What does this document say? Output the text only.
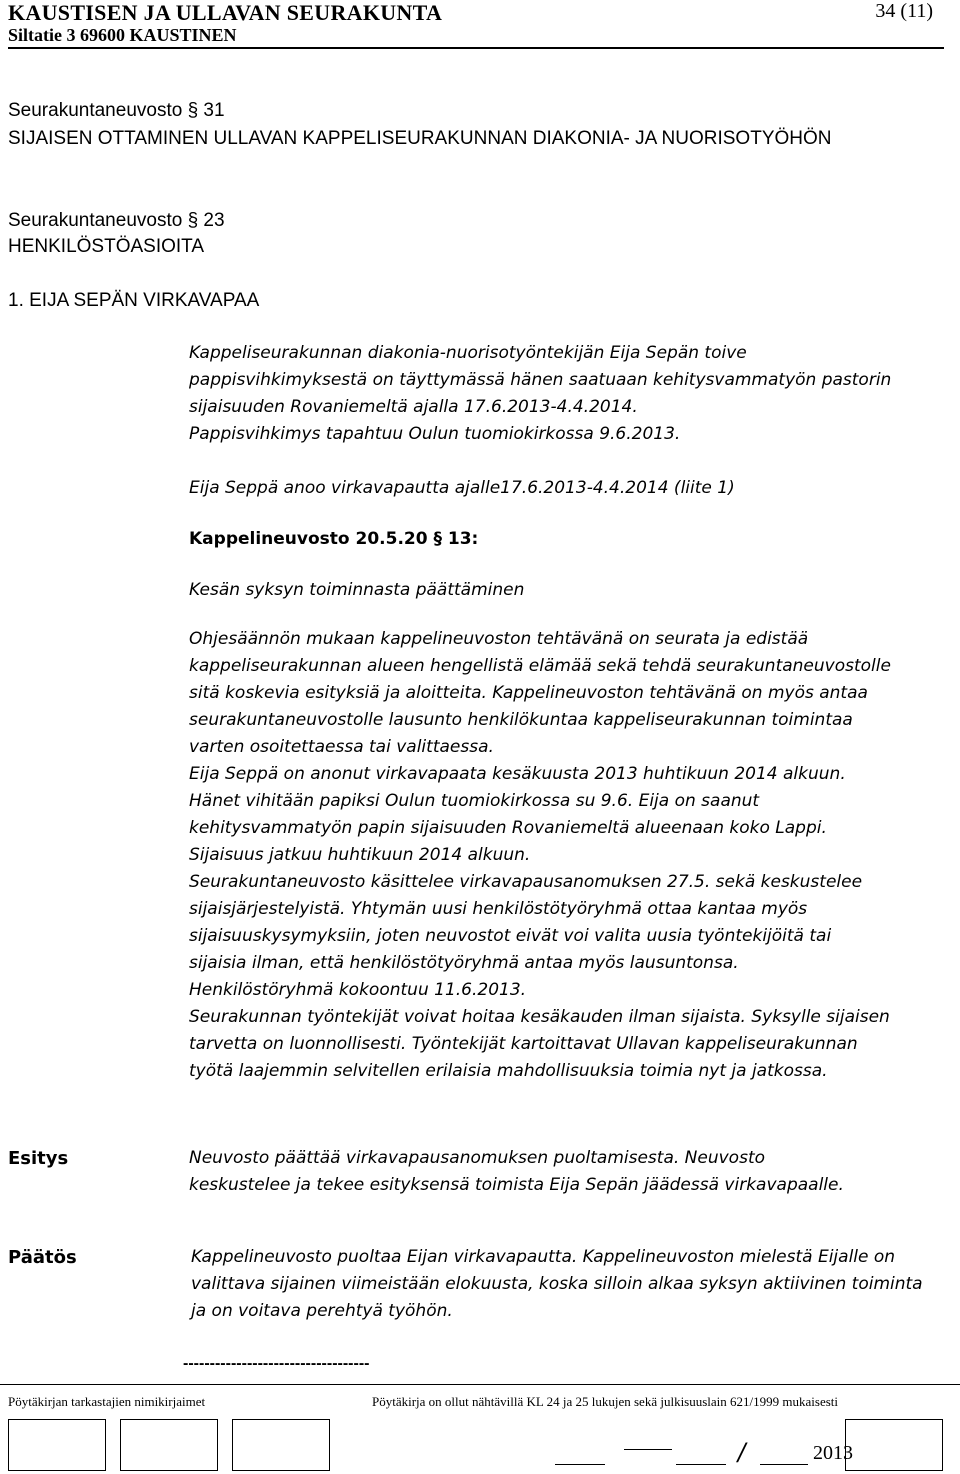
KAUSTISEN JA ULLAVAN SEURAKUNTA
Siltatie 3 69600 KAUSTINEN
34 (11)
Seurakuntaneuvosto § 31
SIJAISEN OTTAMINEN ULLAVAN KAPPELISEURAKUNNAN DIAKONIA- JA NUORISOTYÖHÖN
Seurakuntaneuvosto § 23
HENKILÖSTÖASIOITA
1. EIJA SEPÄN VIRKAVAPAA

Kappeliseurakunnan diakonia-nuorisotyöntekijän Eija Sepän toive

pappisvihkimyksestä on täyttymässä hänen saatuaan kehitysvammatyön pastorin

sijaisuuden Rovaniemeltä ajalla 17.6.2013-4.4.2014.

Pappisvihkimys tapahtuu Oulun tuomiokirkossa 9.6.2013.

Eija Seppä anoo virkavapautta ajalle17.6.2013-4.4.2014 (liite 1)

Kappelineuvosto 20.5.20 § 13:

Kesän syksyn toiminnasta päättäminen

Ohjesäännön mukaan kappelineuvoston tehtävänä on seurata ja edistää

kappeliseurakunnan alueen hengellistä elämää sekä tehdä seurakuntaneuvostolle

sitä koskevia esityksiä ja aloitteita. Kappelineuvoston tehtävänä on myös antaa

seurakuntaneuvostolle lausunto henkilökuntaa kappeliseurakunnan toimintaa

varten osoitettaessa tai valittaessa.

Eija Seppä on anonut virkavapaata kesäkuusta 2013 huhtikuun 2014 alkuun.

Hänet vihitään papiksi Oulun tuomiokirkossa su 9.6. Eija on saanut

kehitysvammatyön papin sijaisuuden Rovaniemeltä alueenaan koko Lappi.

Sijaisuus jatkuu huhtikuun 2014 alkuun.

Seurakuntaneuvosto käsittelee virkavapausanomuksen 27.5. sekä keskustelee

sijaisjärjestelyistä. Yhtymän uusi henkilöstötyöryhmä ottaa kantaa myös

sijaisuuskysymyksiin, joten neuvostot eivät voi valita uusia työntekijöitä tai

sijaisia ilman, että henkilöstötyöryhmä antaa myös lausuntonsa.

Henkilöstöryhmä kokoontuu 11.6.2013.

Seurakunnan työntekijät voivat hoitaa kesäkauden ilman sijaista. Syksylle sijaisen

tarvetta on luonnollisesti. Työntekijät kartoittavat Ullavan kappeliseurakunnan

työtä laajemmin selvitellen erilaisia mahdollisuuksia toimia nyt ja jatkossa.

Esitys	Neuvosto päättää virkavapausanomuksen puoltamisesta. Neuvosto
keskustelee ja tekee esityksensä toimista Eija Sepän jäädessä virkavapaalle.
Päätös	Kappelineuvosto puoltaa Eijan virkavapautta. Kappelineuvoston mielestä Eijalle on
valittava sijainen viimeistään elokuusta, koska silloin alkaa syksyn aktiivinen toiminta
ja on voitava perehtyä työhön.
-----------------------------------
Pöytäkirjan tarkastajien nimikirjaimet	Pöytäkirja on ollut nähtävillä KL 24 ja 25 lukujen sekä julkisuuslain 621/1999 mukaisesti
/	2013
